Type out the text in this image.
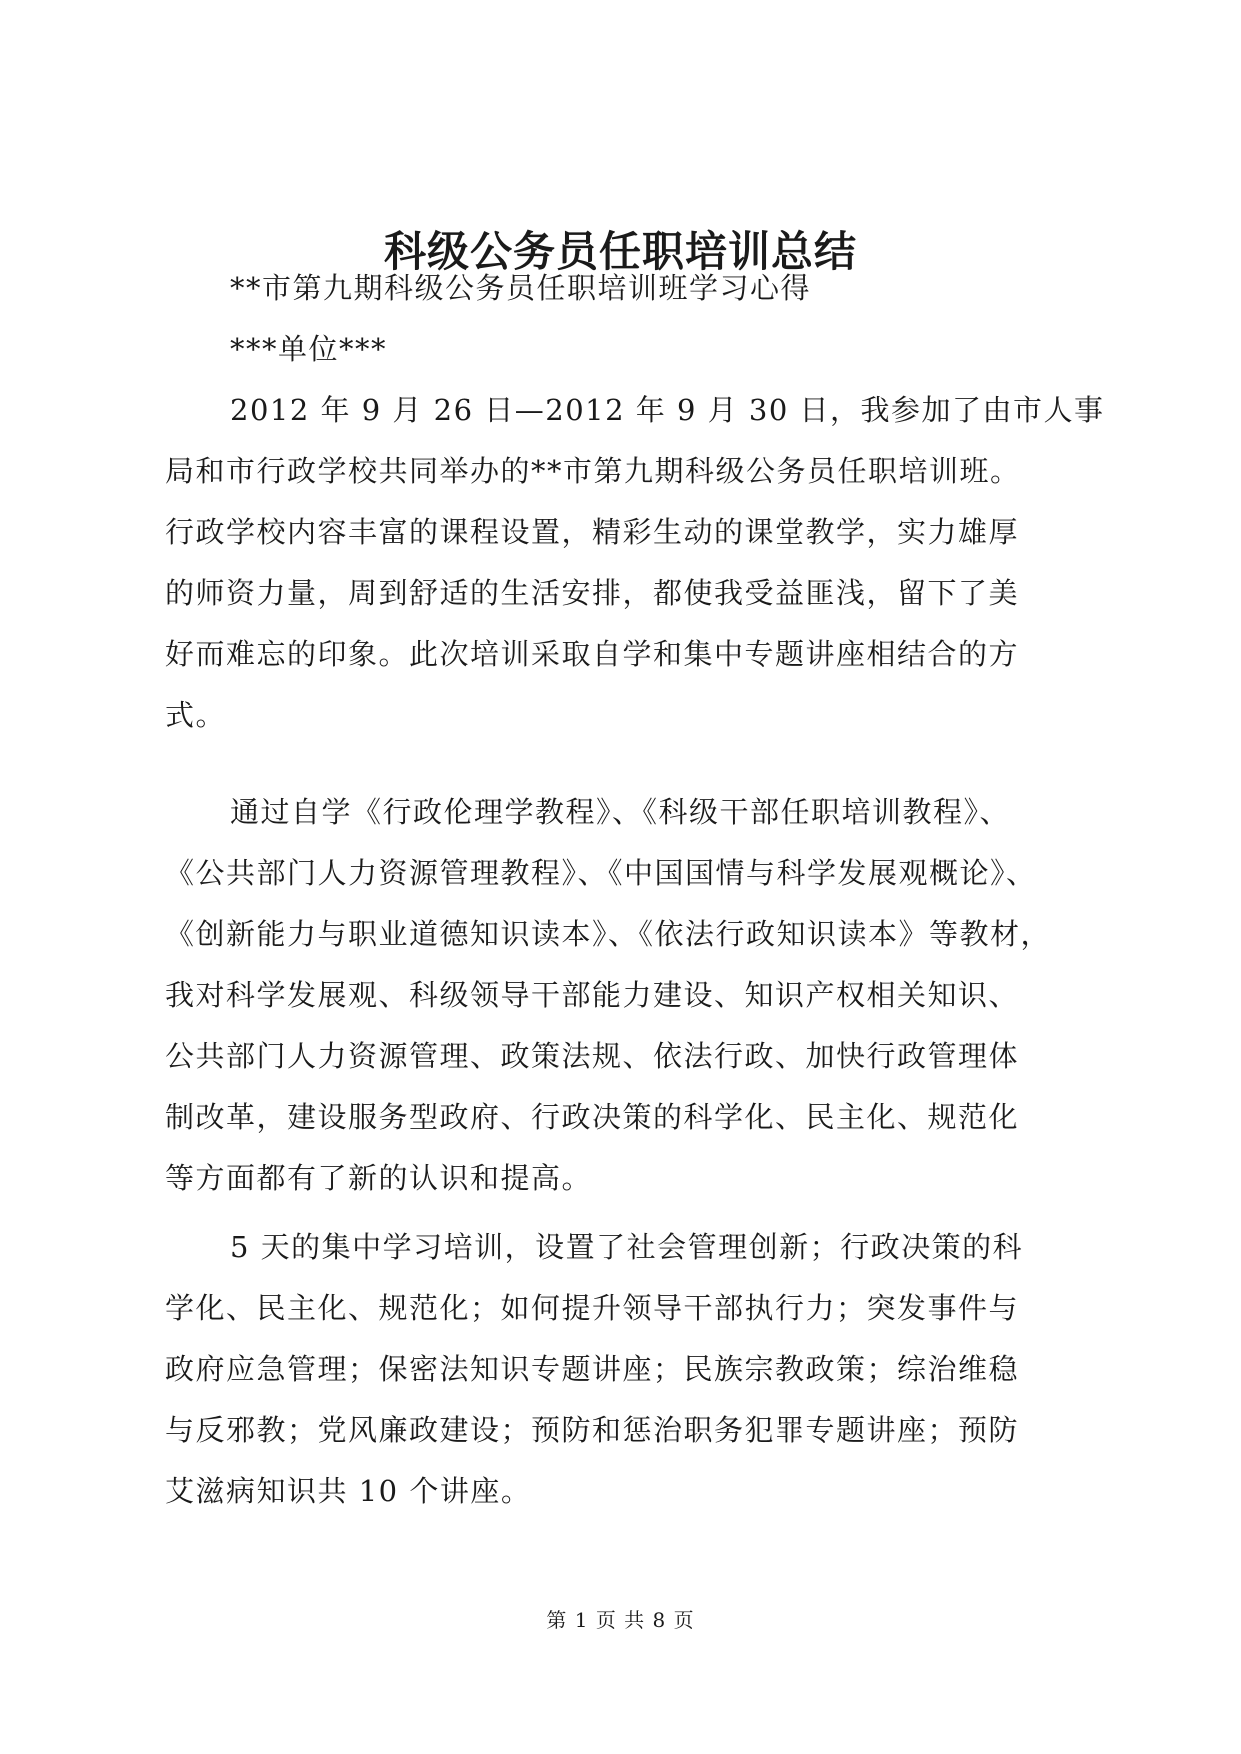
科级公务员任职培训总结
**市第九期科级公务员任职培训班学习心得
***单位***
2012 年 9 月 26 日—2012 年 9 月 30 日，我参加了由市人事
局和市行政学校共同举办的**市第九期科级公务员任职培训班。
行政学校内容丰富的课程设置，精彩生动的课堂教学，实力雄厚
的师资力量，周到舒适的生活安排，都使我受益匪浅，留下了美
好而难忘的印象。此次培训采取自学和集中专题讲座相结合的方
式。
通过自学《行政伦理学教程》、《科级干部任职培训教程》、
《公共部门人力资源管理教程》、《中国国情与科学发展观概论》、
《创新能力与职业道德知识读本》、《依法行政知识读本》等教材，
我对科学发展观、科级领导干部能力建设、知识产权相关知识、
公共部门人力资源管理、政策法规、依法行政、加快行政管理体
制改革，建设服务型政府、行政决策的科学化、民主化、规范化
等方面都有了新的认识和提高。
5 天的集中学习培训，设置了社会管理创新；行政决策的科
学化、民主化、规范化；如何提升领导干部执行力；突发事件与
政府应急管理；保密法知识专题讲座；民族宗教政策；综治维稳
与反邪教；党风廉政建设；预防和惩治职务犯罪专题讲座；预防
艾滋病知识共 10 个讲座。
第 1 页 共 8 页
